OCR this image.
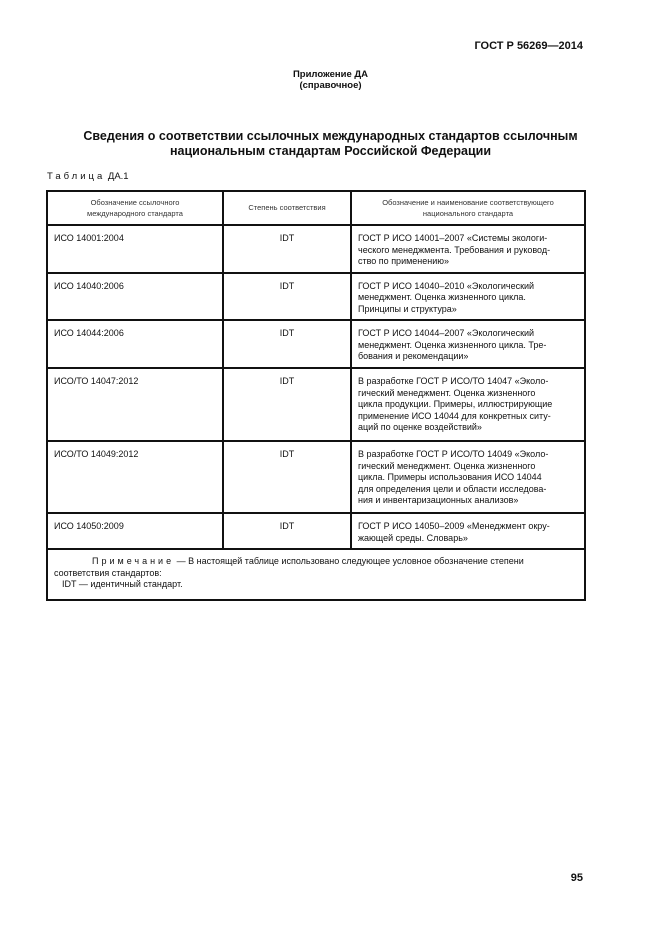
ГОСТ Р 56269—2014
Приложение ДА
(справочное)
Сведения о соответствии ссылочных международных стандартов ссылочным
национальным стандартам Российской Федерации
Таблица ДА.1
Обозначение ссылочного
международного стандарта	Степень соответствия	Обозначение и наименование соответствующего
национального стандарта

ИСО 14001:2004	IDT	ГОСТ Р ИСО 14001–2007 «Системы экологи-
ческого менеджмента. Требования и руковод-
ство по применению»

ИСО 14040:2006	IDT	ГОСТ Р ИСО 14040–2010 «Экологический
менеджмент. Оценка жизненного цикла.
Принципы и структура»

ИСО 14044:2006	IDT	ГОСТ Р ИСО 14044–2007 «Экологический
менеджмент. Оценка жизненного цикла. Тре-
бования и рекомендации»

ИСО/ТО 14047:2012	IDT	В разработке ГОСТ Р ИСО/ТО 14047 «Эколо-
гический менеджмент. Оценка жизненного
цикла продукции. Примеры, иллюстрирующие
применение ИСО 14044 для конкретных ситу-
аций по оценке воздействий»

ИСО/ТО 14049:2012	IDT	В разработке ГОСТ Р ИСО/ТО 14049 «Эколо-
гический менеджмент. Оценка жизненного
цикла. Примеры использования ИСО 14044
для определения цели и области исследова-
ния и инвентаризационных анализов»

ИСО 14050:2009	IDT	ГОСТ Р ИСО 14050–2009 «Менеджмент окру-
жающей среды. Словарь»

Примечание — В настоящей таблице использовано следующее условное обозначение степени
соответствия стандартов:
IDT — идентичный стандарт.		
95
